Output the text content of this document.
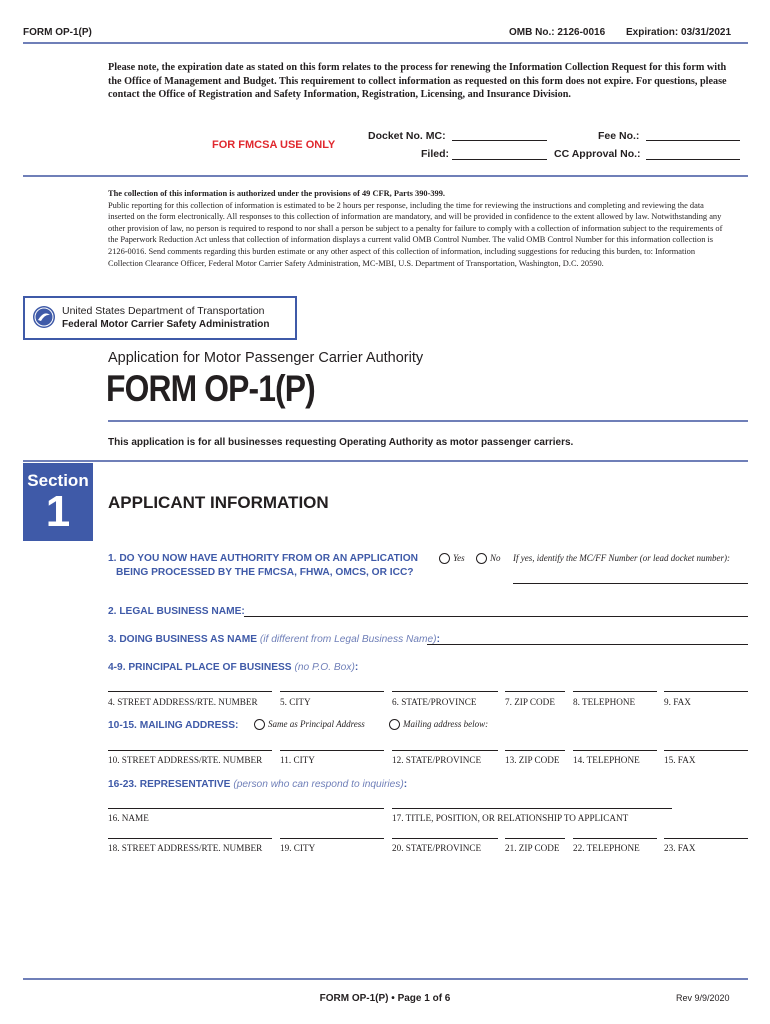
FORM OP-1(P)	OMB No.: 2126-0016 Expiration: 03/31/2021
Please note, the expiration date as stated on this form relates to the process for renewing the Information Collection Request for this form with the Office of Management and Budget. This requirement to collect information as requested on this form does not expire. For questions, please contact the Office of Registration and Safety Information, Registration, Licensing, and Insurance Division.
FOR FMCSA USE ONLY
Docket No. MC:	Fee No.:
Filed:	CC Approval No.:
The collection of this information is authorized under the provisions of 49 CFR, Parts 390-399.
Public reporting for this collection of information is estimated to be 2 hours per response, including the time for reviewing the instructions and completing and reviewing the data inserted on the form electronically. All responses to this collection of information are mandatory, and will be provided in confidence to the extent allowed by law. Notwithstanding any other provision of law, no person is required to respond to nor shall a person be subject to a penalty for failure to comply with a collection of information subject to the requirements of the Paperwork Reduction Act unless that collection of information displays a current valid OMB Control Number. The valid OMB Control Number for this information collection is 2126-0016. Send comments regarding this burden estimate or any other aspect of this collection of information, including suggestions for reducing this burden, to: Information Collection Clearance Officer, Federal Motor Carrier Safety Administration, MC-MBI, U.S. Department of Transportation, Washington, D.C. 20590.
United States Department of Transportation
Federal Motor Carrier Safety Administration
Application for Motor Passenger Carrier Authority
FORM OP-1(P)
This application is for all businesses requesting Operating Authority as motor passenger carriers.
Section
1	APPLICANT INFORMATION
1. DO YOU NOW HAVE AUTHORITY FROM OR AN APPLICATION
BEING PROCESSED BY THE FMCSA, FHWA, OMCS, OR ICC?
Yes	No If yes, identify the MC/FF Number (or lead docket number):
2. LEGAL BUSINESS NAME:
3. DOING BUSINESS AS NAME (if different from Legal Business Name):
4-9. PRINCIPAL PLACE OF BUSINESS (no P.O. Box):
4. STREET ADDRESS/RTE. NUMBER 5. CITY	6. STATE/PROVINCE	7. ZIP CODE 8. TELEPHONE	9. FAX
10-15. MAILING ADDRESS:	Same as Principal Address	Mailing address below:
10. STREET ADDRESS/RTE. NUMBER 11. CITY	12. STATE/PROVINCE	13. ZIP CODE 14. TELEPHONE	15. FAX
16-23. REPRESENTATIVE (person who can respond to inquiries):
16. NAME	17. TITLE, POSITION, OR RELATIONSHIP TO APPLICANT
18. STREET ADDRESS/RTE. NUMBER 19. CITY	20. STATE/PROVINCE	21. ZIP CODE 22. TELEPHONE	23. FAX
FORM OP-1(P) • Page 1 of 6	Rev 9/9/2020
